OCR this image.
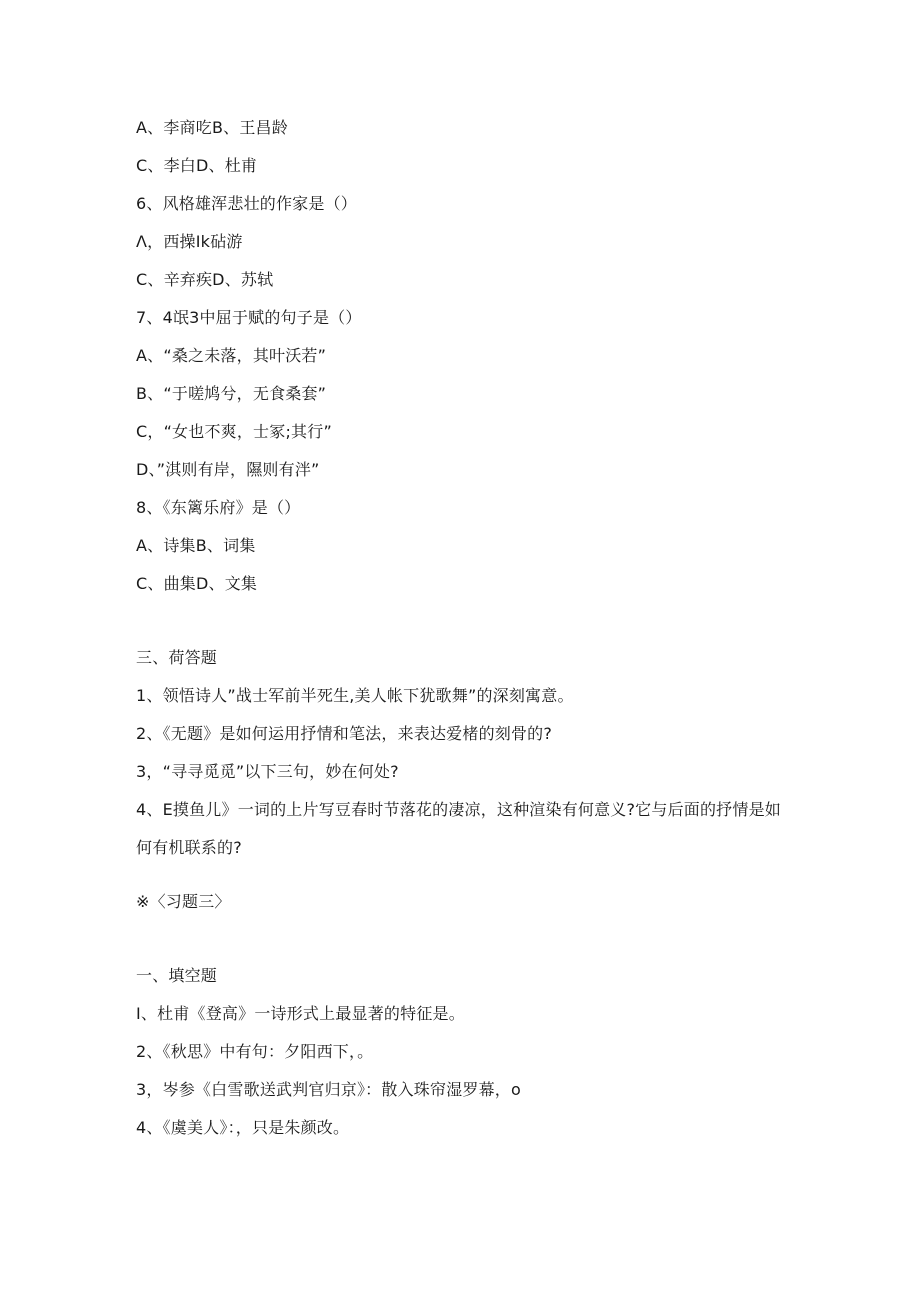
A、李商吃B、王昌龄
C、李白D、杜甫
6、风格雄浑悲壮的作家是（）
Λ，西操Ik砧游
C、辛弃疾D、苏轼
7、4氓3中屈于赋的句子是（）
A、“桑之未落，其叶沃若”
B、“于嗟鸠兮，无食桑套”
C，“女也不爽，士冢;其行”
D、”淇则有岸，隰则有泮”
8、《东篱乐府》是（）
A、诗集B、词集
C、曲集D、文集
三、荷答题
1、领悟诗人”战士军前半死生,美人帐下犹歌舞”的深刻寓意。
2、《无题》是如何运用抒情和笔法，来表达爱楮的刻骨的?
3，“寻寻觅觅”以下三句，妙在何处?
4、E摸鱼儿》一词的上片写豆春时节落花的凄凉，这种渲染有何意义?它与后面的抒情是如何有机联系的?
※〈习题三〉
一、填空题
I、杜甫《登高》一诗形式上最显著的特征是。
2、《秋思》中有句：夕阳西下，。
3，岑参《白雪歌送武判官归京》：散入珠帘湿罗幕，o
4、《虞美人》：，只是朱颜改。
